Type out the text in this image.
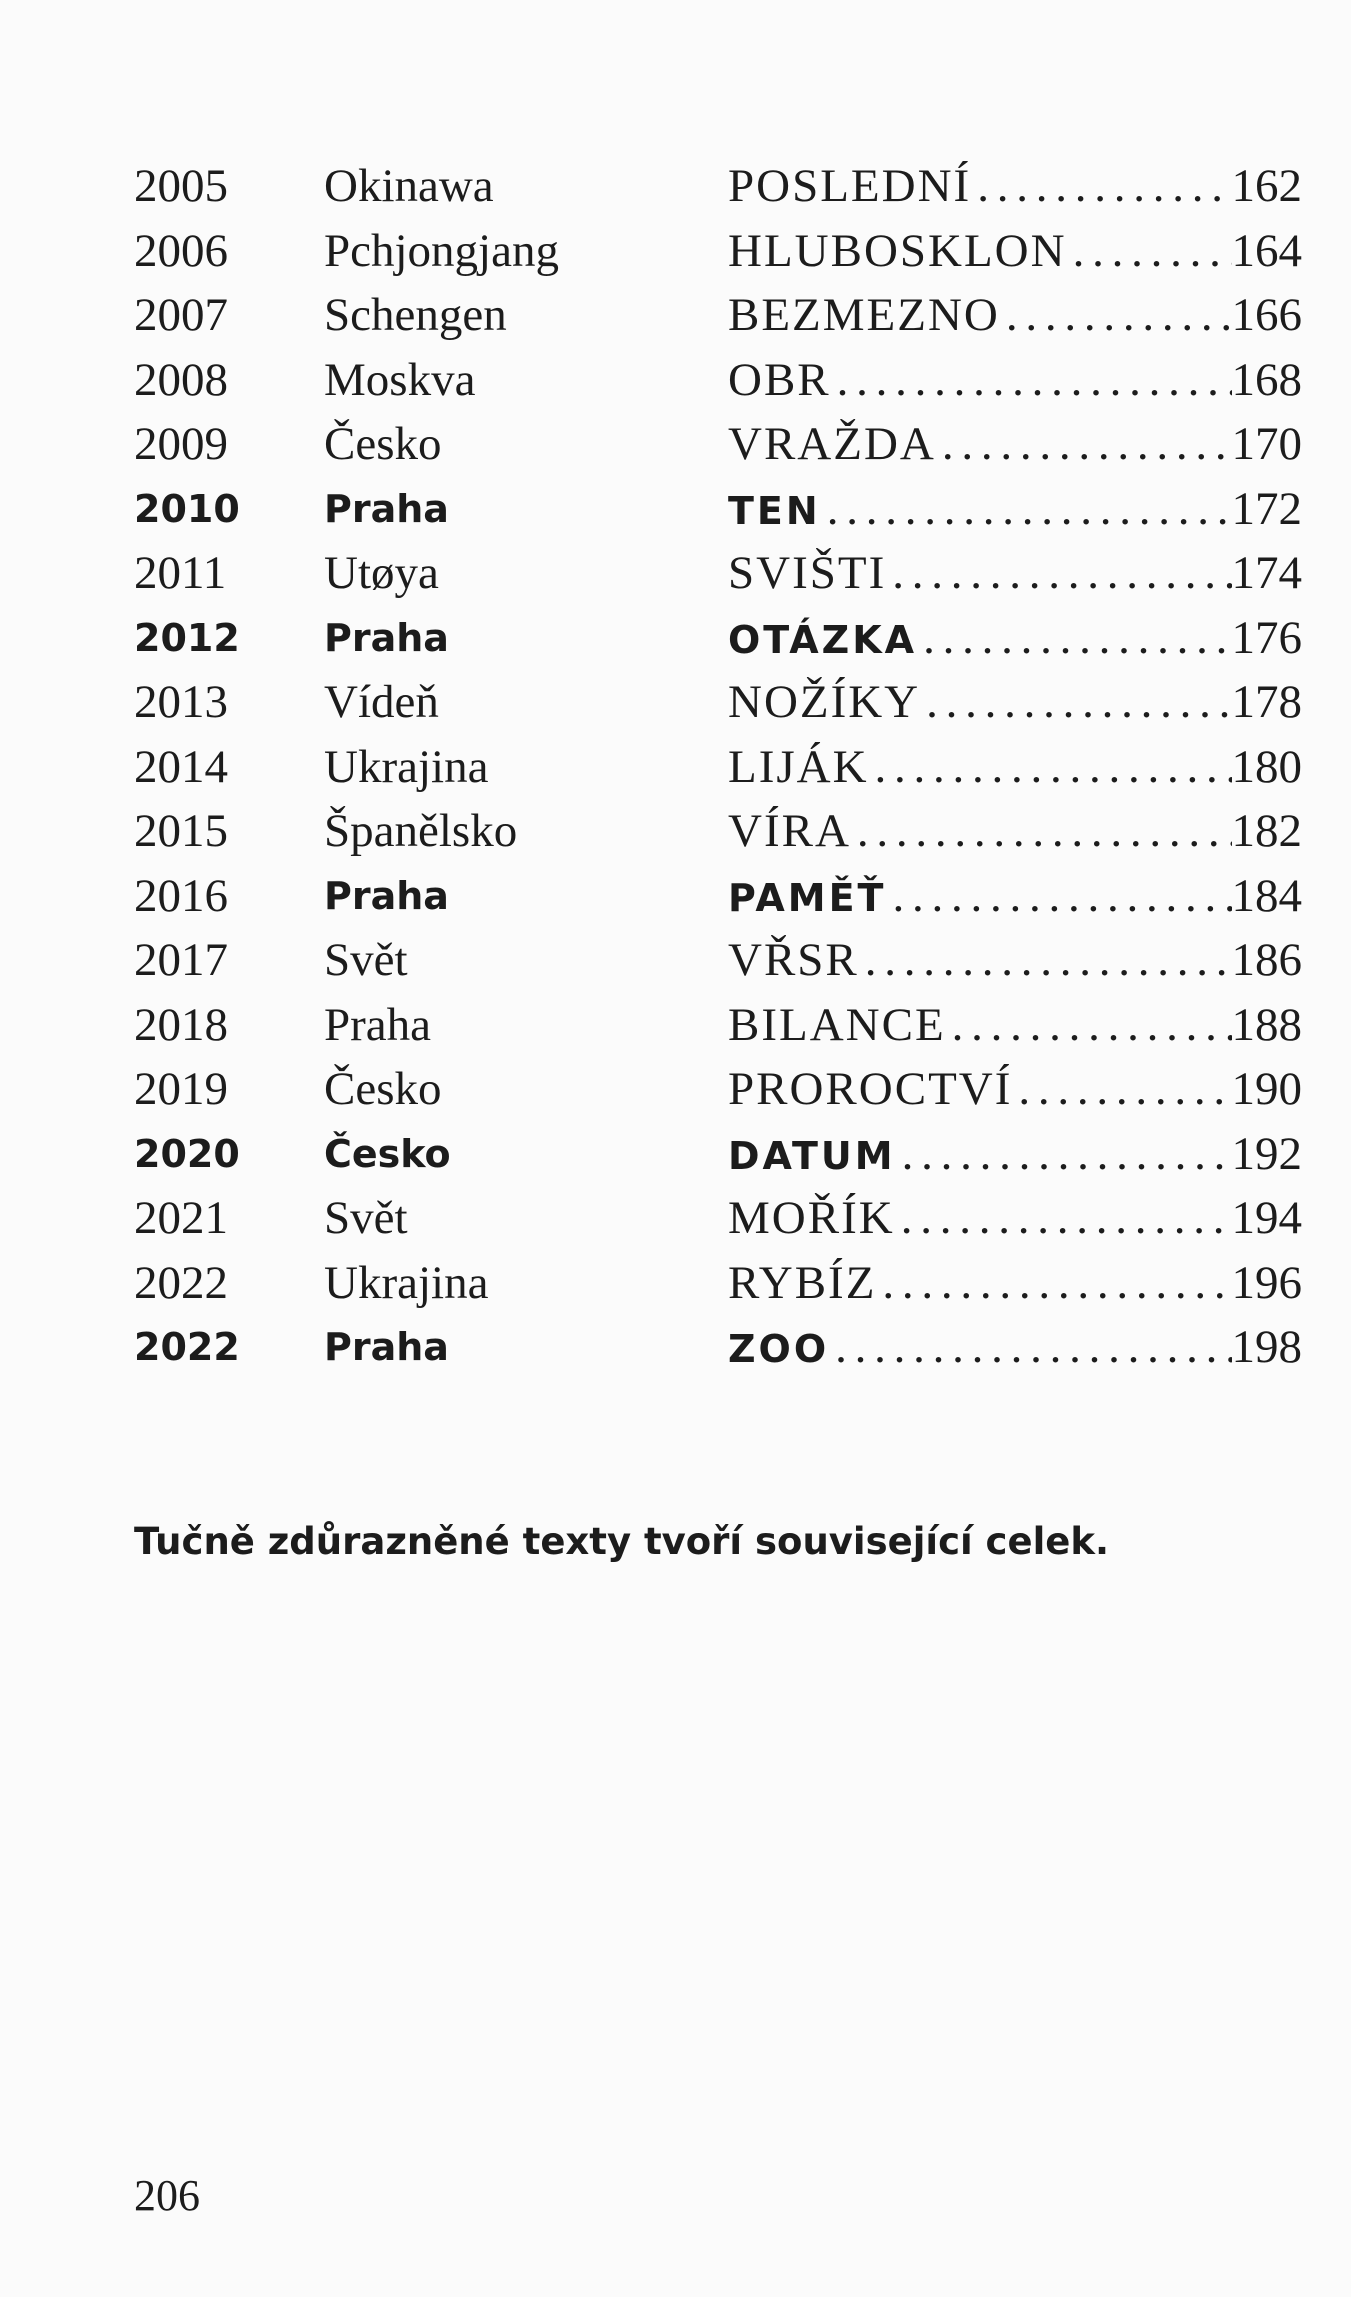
2005 Okinawa	POSLEDNÍ . . .	162
2006 Pchjongjang	HLUBOSKLON . . .	164
2007 Schengen	BEZMEZNO . . .	166
2008 Moskva	OBR . . .	168
2009 Česko	VRAŽDA . . .	170
2010 Praha	TEN . . .	172
2011 Utøya	SVIŠTI . . .	174
2012 Praha	OTÁZKA . . .	176
2013 Vídeň	NOŽÍKY . . .	178
2014 Ukrajina	LIJÁK . . .	180
2015 Španělsko	VÍRA . . .	182
2016	Praha	PAMĚŤ . . .	184
2017 Svět	VŘSR . . .	186
2018 Praha	BILANCE . . .	188
2019 Česko	PROROCTVÍ . . .	190
2020 Česko	DATUM . . .	192
2021 Svět	MOŘÍK . . .	194
2022 Ukrajina	RYBÍZ . . .	196
2022 Praha	ZOO . . .	198
Tučně zdůrazněné texty tvoří související celek.
206
